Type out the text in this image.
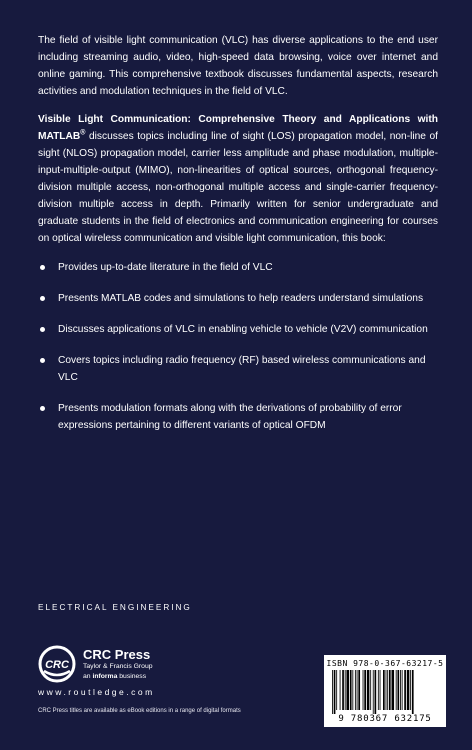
The field of visible light communication (VLC) has diverse applications to the end user including streaming audio, video, high-speed data browsing, voice over internet and online gaming. This comprehensive textbook discusses fundamental aspects, research activities and modulation techniques in the field of VLC.

Visible Light Communication: Comprehensive Theory and Applications with MATLAB® discusses topics including line of sight (LOS) propagation model, non-line of sight (NLOS) propagation model, carrier less amplitude and phase modulation, multiple-input-multiple-output (MIMO), non-linearities of optical sources, orthogonal frequency-division multiple access, non-orthogonal multiple access and single-carrier frequency-division multiple access in depth. Primarily written for senior undergraduate and graduate students in the field of electronics and communication engineering for courses on optical wireless communication and visible light communication, this book:

Provides up-to-date literature in the field of VLC
Presents MATLAB codes and simulations to help readers understand simulations
Discusses applications of VLC in enabling vehicle to vehicle (V2V) communication
Covers topics including radio frequency (RF) based wireless communications and VLC
Presents modulation formats along with the derivations of probability of error expressions pertaining to different variants of optical OFDM
ELECTRICAL ENGINEERING
CRC
CRC Press
Taylor & Francis Group
an informa business
www.routledge.com
CRC Press titles are available as eBook editions in a range of digital formats
ISBN 978-0-367-63217-5
9 780367 632175
